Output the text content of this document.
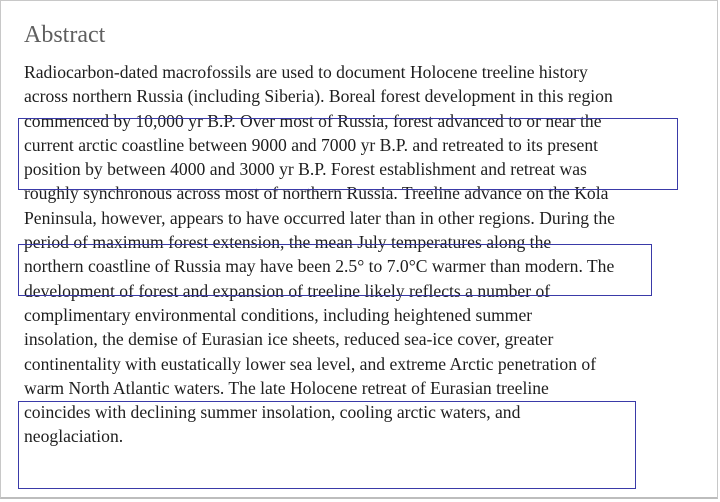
Abstract

Radiocarbon-dated macrofossils are used to document Holocene treeline history
across northern Russia (including Siberia). Boreal forest development in this region
commenced by 10,000 yr B.P. Over most of Russia, forest advanced to or near the
current arctic coastline between 9000 and 7000 yr B.P. and retreated to its present
position by between 4000 and 3000 yr B.P. Forest establishment and retreat was
roughly synchronous across most of northern Russia. Treeline advance on the Kola
Peninsula, however, appears to have occurred later than in other regions. During the
period of maximum forest extension, the mean July temperatures along the
northern coastline of Russia may have been 2.5° to 7.0°C warmer than modern. The
development of forest and expansion of treeline likely reflects a number of
complimentary environmental conditions, including heightened summer
insolation, the demise of Eurasian ice sheets, reduced sea-ice cover, greater
continentality with eustatically lower sea level, and extreme Arctic penetration of
warm North Atlantic waters. The late Holocene retreat of Eurasian treeline
coincides with declining summer insolation, cooling arctic waters, and
neoglaciation.
